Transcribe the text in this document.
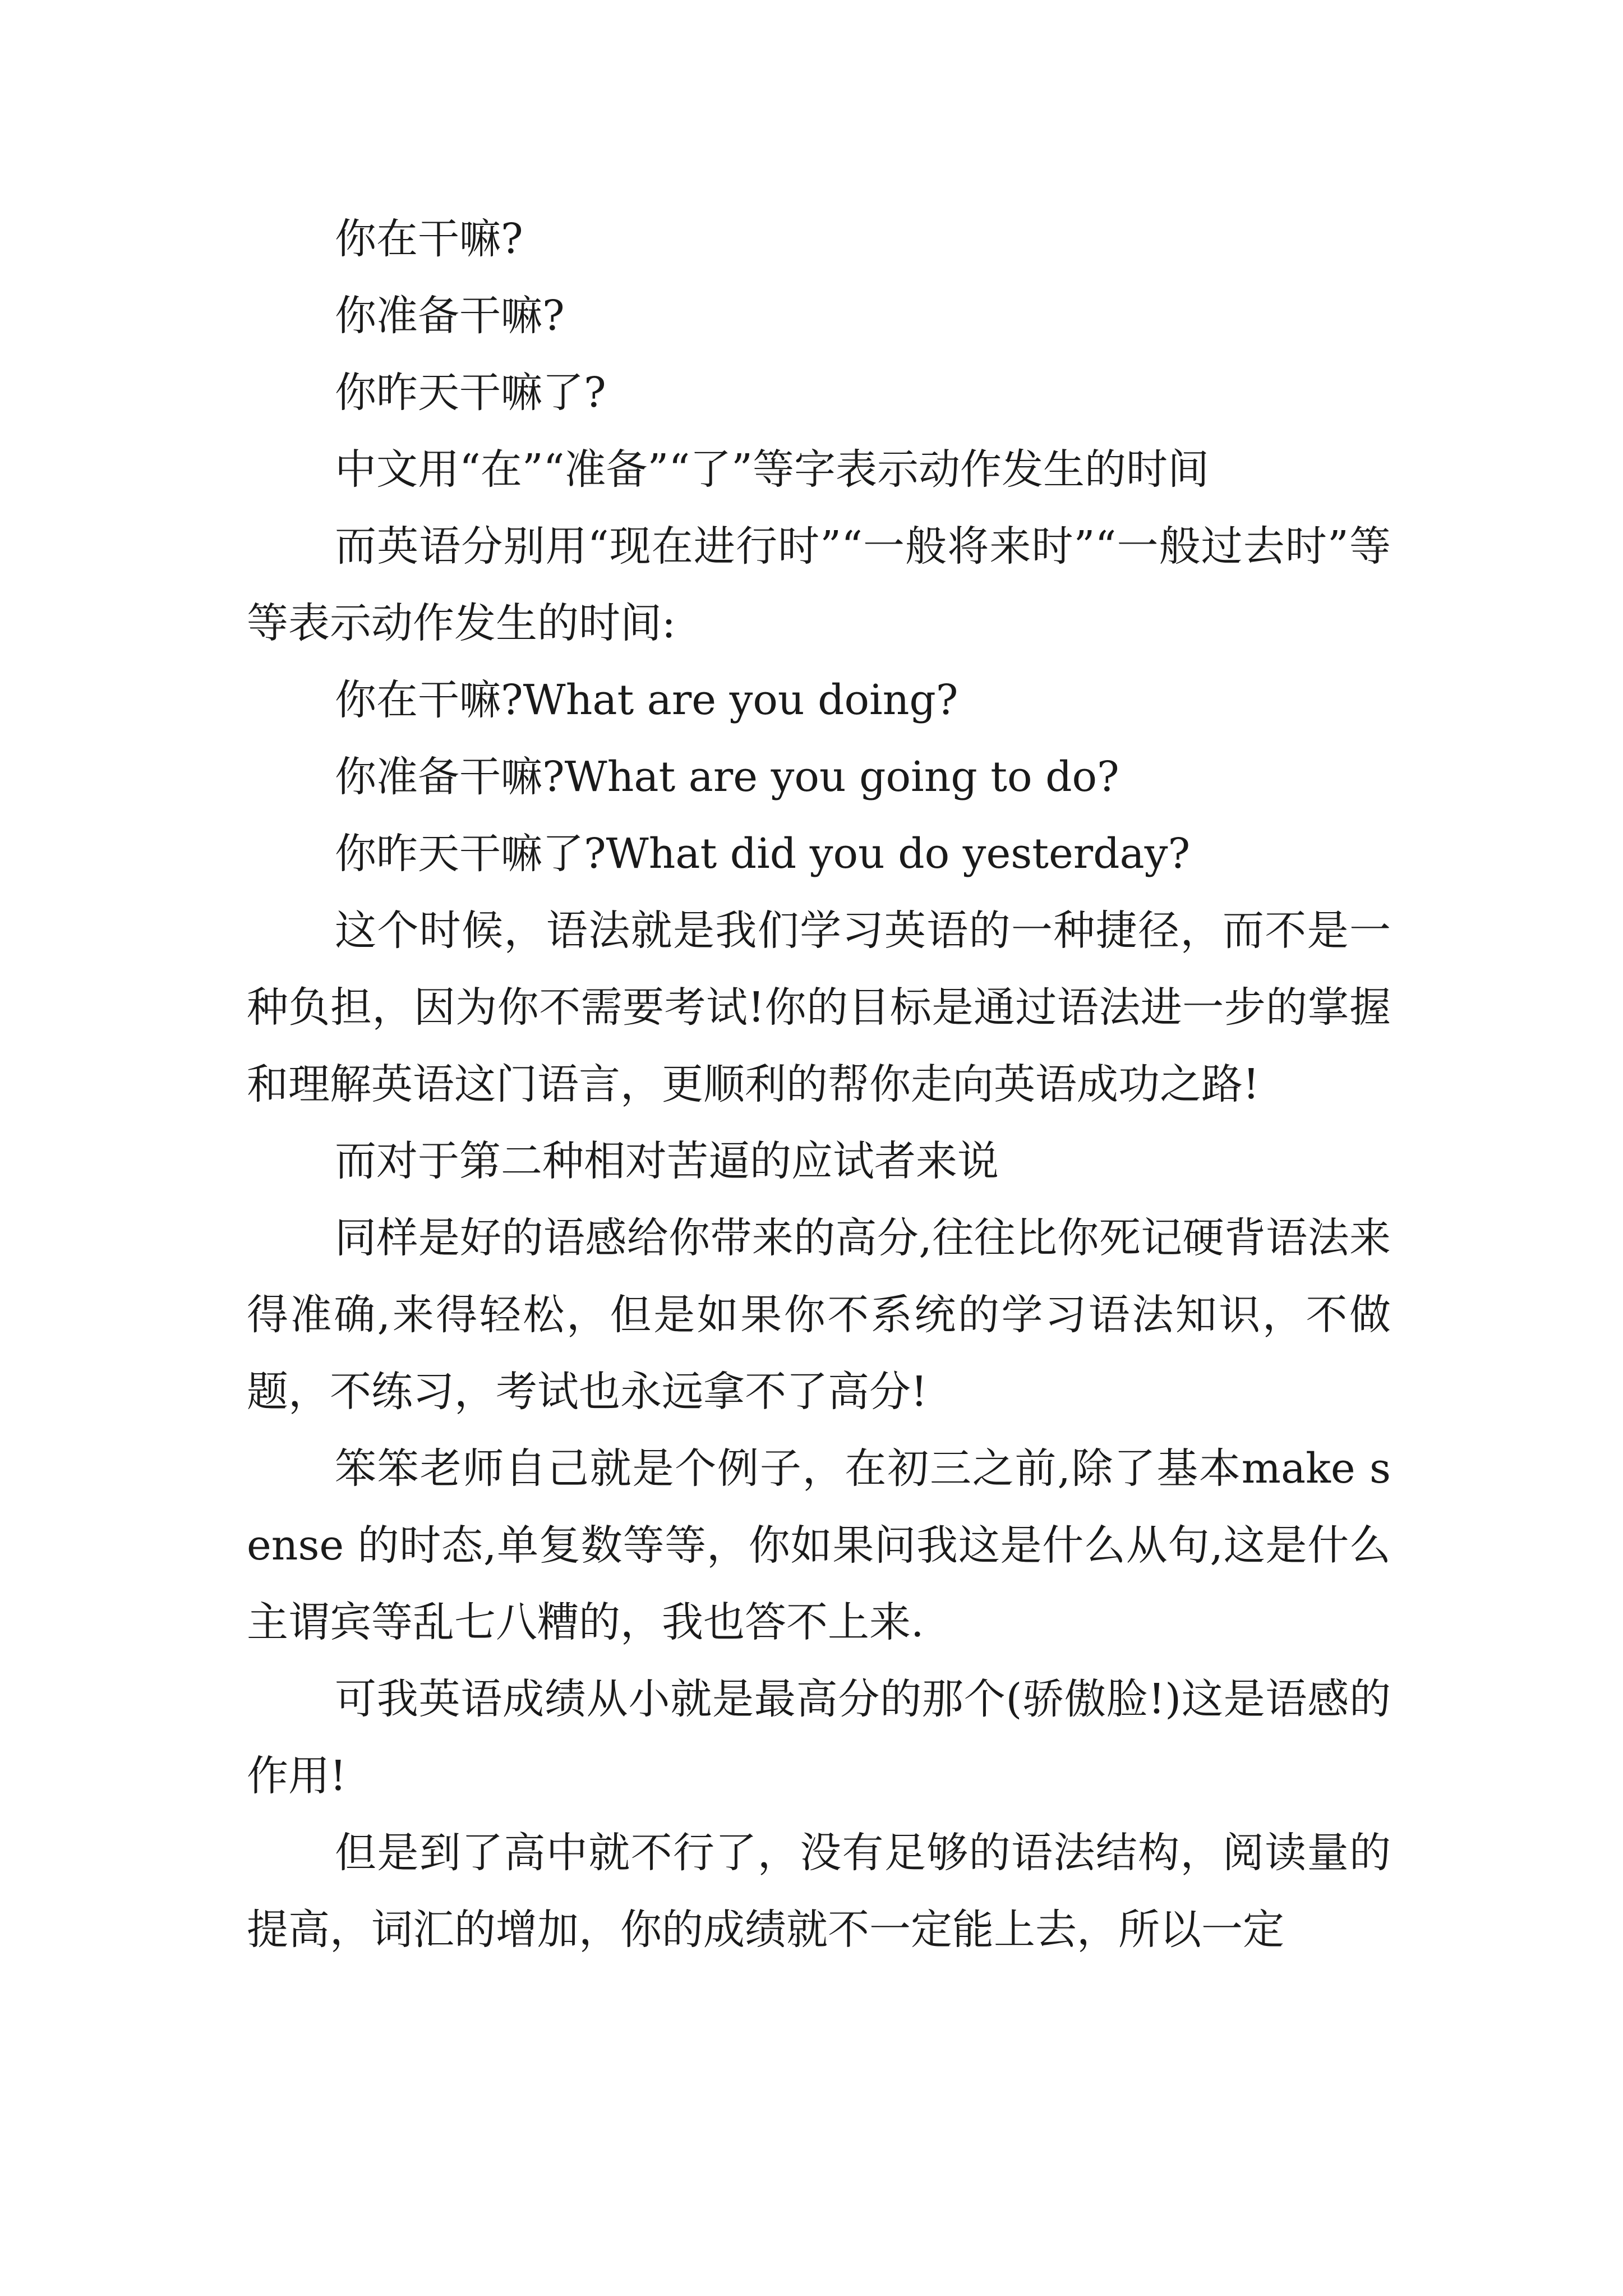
你在干嘛?

你准备干嘛?

你昨天干嘛了?

中文用“在”“准备”“了”等字表示动作发生的时间

而英语分别用“现在进行时”“一般将来时”“一般过去时”等等表示动作发生的时间:

你在干嘛?What are you doing?

你准备干嘛?What are you going to do?

你昨天干嘛了?What did you do yesterday?

这个时候，语法就是我们学习英语的一种捷径，而不是一种负担，因为你不需要考试!你的目标是通过语法进一步的掌握和理解英语这门语言，更顺利的帮你走向英语成功之路!

而对于第二种相对苦逼的应试者来说

同样是好的语感给你带来的高分,往往比你死记硬背语法来得准确,来得轻松，但是如果你不系统的学习语法知识，不做题，不练习，考试也永远拿不了高分!

笨笨老师自己就是个例子，在初三之前,除了基本make sense 的时态,单复数等等，你如果问我这是什么从句,这是什么主谓宾等乱七八糟的，我也答不上来.

可我英语成绩从小就是最高分的那个(骄傲脸!)这是语感的作用!

但是到了高中就不行了，没有足够的语法结构，阅读量的提高，词汇的增加，你的成绩就不一定能上去，所以一定
